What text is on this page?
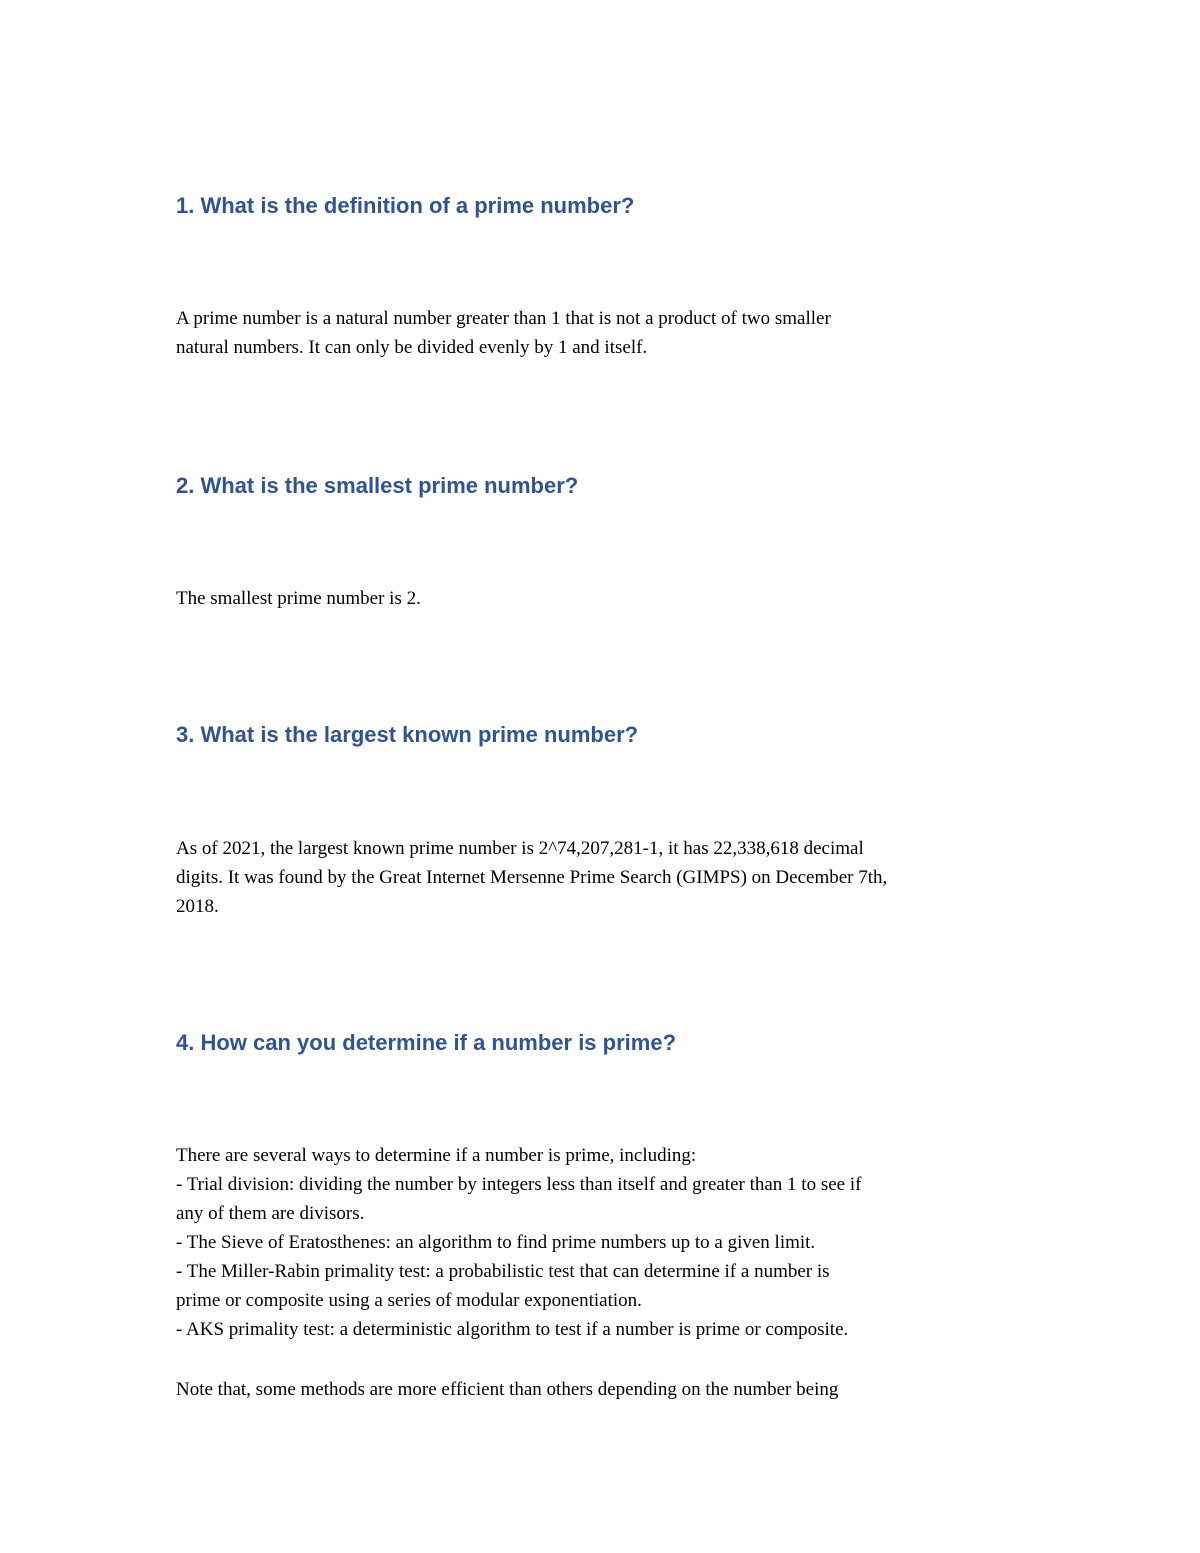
1. What is the definition of a prime number?

A prime number is a natural number greater than 1 that is not a product of two smaller
natural numbers. It can only be divided evenly by 1 and itself.

2. What is the smallest prime number?

The smallest prime number is 2.

3. What is the largest known prime number?

As of 2021, the largest known prime number is 2^74,207,281-1, it has 22,338,618 decimal
digits. It was found by the Great Internet Mersenne Prime Search (GIMPS) on December 7th,
2018.

4. How can you determine if a number is prime?

There are several ways to determine if a number is prime, including:
- Trial division: dividing the number by integers less than itself and greater than 1 to see if
any of them are divisors.
- The Sieve of Eratosthenes: an algorithm to find prime numbers up to a given limit.
- The Miller-Rabin primality test: a probabilistic test that can determine if a number is
prime or composite using a series of modular exponentiation.
- AKS primality test: a deterministic algorithm to test if a number is prime or composite.

Note that, some methods are more efficient than others depending on the number being
